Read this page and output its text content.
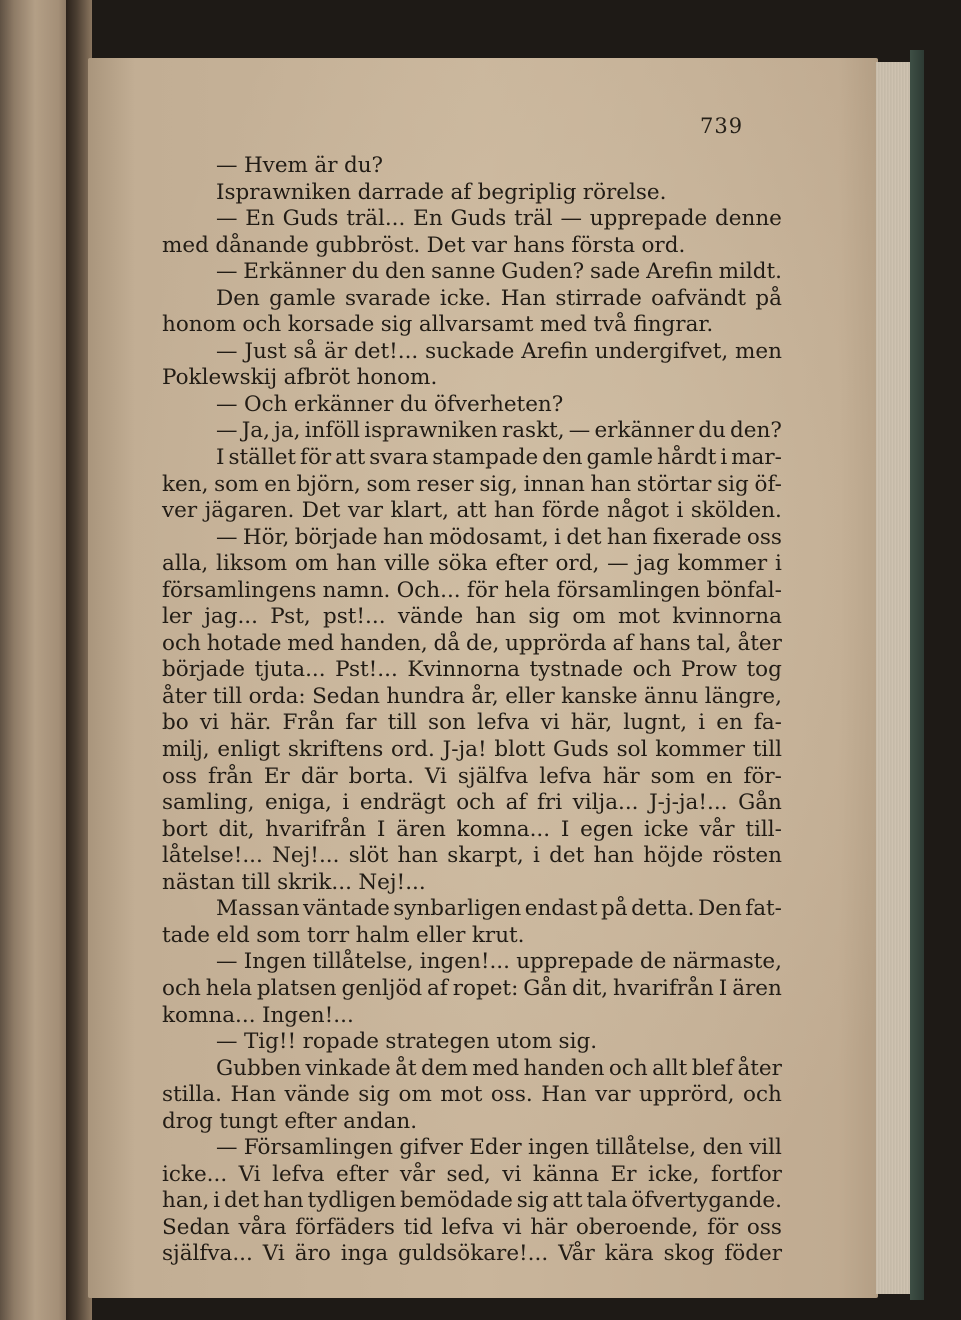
739
— Hvem är du?
Isprawniken darrade af begriplig rörelse.
— En Guds träl... En Guds träl — upprepade denne
med dånande gubbröst. Det var hans första ord.
— Erkänner du den sanne Guden? sade Arefin mildt.
Den gamle svarade icke. Han stirrade oafvändt på
honom och korsade sig allvarsamt med två fingrar.
— Just så är det!... suckade Arefin undergifvet, men
Poklewskij afbröt honom.
— Och erkänner du öfverheten?
— Ja, ja, inföll isprawniken raskt, — erkänner du den?
I stället för att svara stampade den gamle hårdt i mar-
ken, som en björn, som reser sig, innan han störtar sig öf-
ver jägaren. Det var klart, att han förde något i skölden.
— Hör, började han mödosamt, i det han fixerade oss
alla, liksom om han ville söka efter ord, — jag kommer i
församlingens namn. Och... för hela församlingen bönfal-
ler jag... Pst, pst!... vände han sig om mot kvinnorna
och hotade med handen, då de, upprörda af hans tal, åter
började tjuta... Pst!... Kvinnorna tystnade och Prow tog
åter till orda: Sedan hundra år, eller kanske ännu längre,
bo vi här. Från far till son lefva vi här, lugnt, i en fa-
milj, enligt skriftens ord. J-ja! blott Guds sol kommer till
oss från Er där borta. Vi själfva lefva här som en för-
samling, eniga, i endrägt och af fri vilja... J-j-ja!... Gån
bort dit, hvarifrån I ären komna... I egen icke vår till-
låtelse!... Nej!... slöt han skarpt, i det han höjde rösten
nästan till skrik... Nej!...
Massan väntade synbarligen endast på detta. Den fat-
tade eld som torr halm eller krut.
— Ingen tillåtelse, ingen!... upprepade de närmaste,
och hela platsen genljöd af ropet: Gån dit, hvarifrån I ären
komna... Ingen!...
— Tig!! ropade strategen utom sig.
Gubben vinkade åt dem med handen och allt blef åter
stilla. Han vände sig om mot oss. Han var upprörd, och
drog tungt efter andan.
— Församlingen gifver Eder ingen tillåtelse, den vill
icke... Vi lefva efter vår sed, vi känna Er icke, fortfor
han, i det han tydligen bemödade sig att tala öfvertygande.
Sedan våra förfäders tid lefva vi här oberoende, för oss
själfva... Vi äro inga guldsökare!... Vår kära skog föder
